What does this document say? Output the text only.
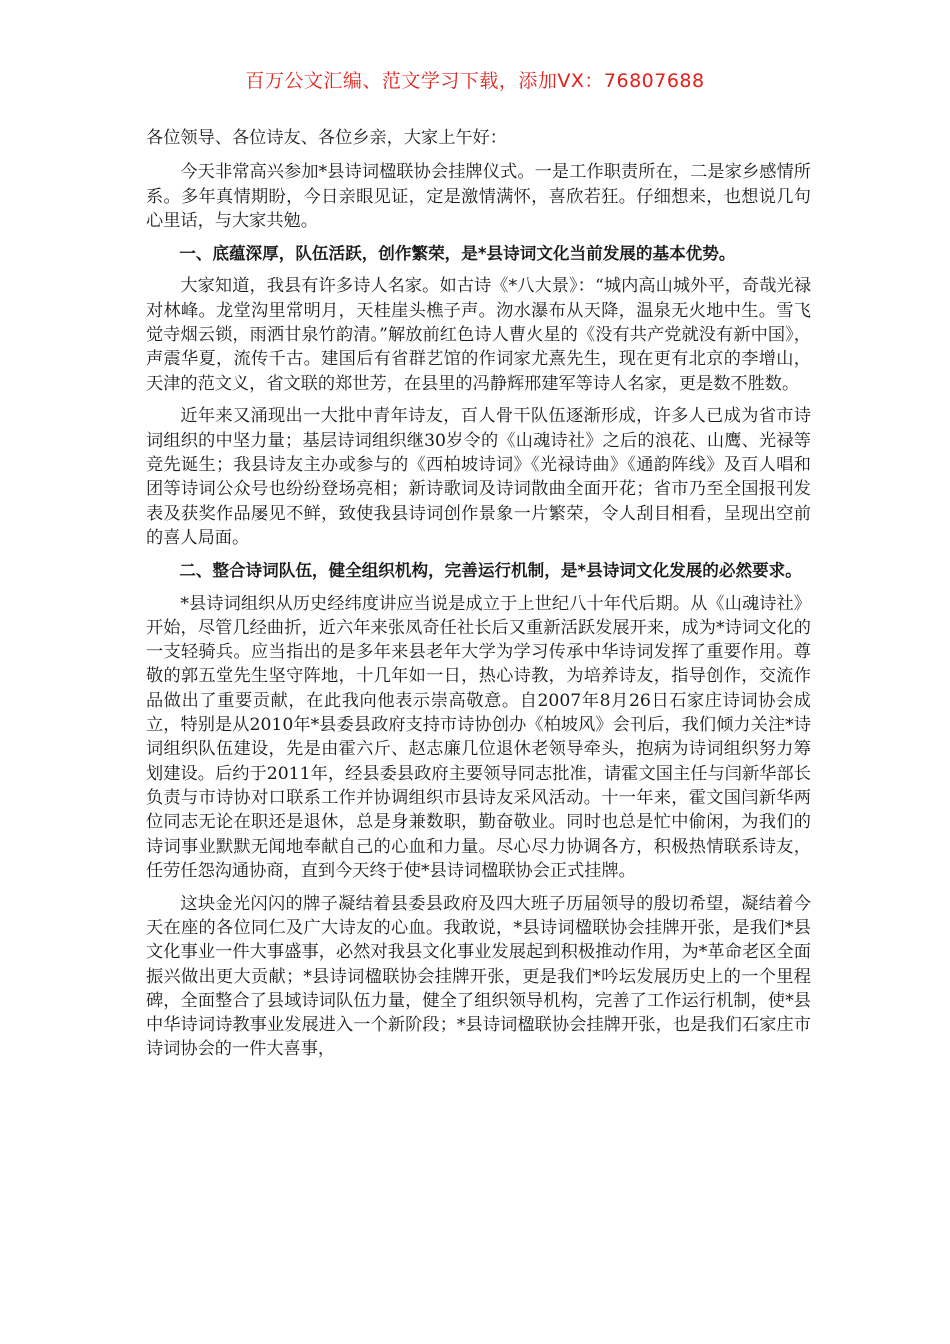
百万公文汇编、范文学习下载，添加VX：76807688

各位领导、各位诗友、各位乡亲，大家上午好：

今天非常高兴参加*县诗词楹联协会挂牌仪式。一是工作职责所在，二是家乡感情所系。多年真情期盼，今日亲眼见证，定是激情满怀，喜欣若狂。仔细想来，也想说几句心里话，与大家共勉。

一、底蕴深厚，队伍活跃，创作繁荣，是*县诗词文化当前发展的基本优势。

大家知道，我县有许多诗人名家。如古诗《*八大景》：“城内高山城外平，奇哉光禄对林峰。龙堂沟里常明月，天桂崖头樵子声。沕水瀑布从天降，温泉无火地中生。雪飞觉寺烟云锁，雨洒甘泉竹韵清。”解放前红色诗人曹火星的《没有共产党就没有新中国》，声震华夏，流传千古。建国后有省群艺馆的作词家尤熹先生，现在更有北京的李增山，天津的范文义，省文联的郑世芳，在县里的冯静辉邢建军等诗人名家，更是数不胜数。

近年来又涌现出一大批中青年诗友，百人骨干队伍逐渐形成，许多人已成为省市诗词组织的中坚力量；基层诗词组织继30岁令的《山魂诗社》之后的浪花、山鹰、光禄等竞先诞生；我县诗友主办或参与的《西柏坡诗词》《光禄诗曲》《通韵阵线》及百人唱和团等诗词公众号也纷纷登场亮相；新诗歌词及诗词散曲全面开花；省市乃至全国报刊发表及获奖作品屡见不鲜，致使我县诗词创作景象一片繁荣，令人刮目相看，呈现出空前的喜人局面。

二、整合诗词队伍，健全组织机构，完善运行机制，是*县诗词文化发展的必然要求。

*县诗词组织从历史经纬度讲应当说是成立于上世纪八十年代后期。从《山魂诗社》开始，尽管几经曲折，近六年来张凤奇任社长后又重新活跃发展开来，成为*诗词文化的一支轻骑兵。应当指出的是多年来县老年大学为学习传承中华诗词发挥了重要作用。尊敬的郭五堂先生坚守阵地，十几年如一日，热心诗教，为培养诗友，指导创作，交流作品做出了重要贡献，在此我向他表示崇高敬意。自2007年8月26日石家庄诗词协会成立，特别是从2010年*县委县政府支持市诗协创办《柏坡风》会刊后，我们倾力关注*诗词组织队伍建设，先是由霍六斤、赵志廉几位退休老领导牵头，抱病为诗词组织努力筹划建设。后约于2011年，经县委县政府主要领导同志批准，请霍文国主任与闫新华部长负责与市诗协对口联系工作并协调组织市县诗友采风活动。十一年来，霍文国闫新华两位同志无论在职还是退休，总是身兼数职，勤奋敬业。同时也总是忙中偷闲，为我们的诗词事业默默无闻地奉献自己的心血和力量。尽心尽力协调各方，积极热情联系诗友，任劳任怨沟通协商，直到今天终于使*县诗词楹联协会正式挂牌。

这块金光闪闪的牌子凝结着县委县政府及四大班子历届领导的殷切希望，凝结着今天在座的各位同仁及广大诗友的心血。我敢说，*县诗词楹联协会挂牌开张，是我们*县文化事业一件大事盛事，必然对我县文化事业发展起到积极推动作用，为*革命老区全面振兴做出更大贡献；*县诗词楹联协会挂牌开张，更是我们*吟坛发展历史上的一个里程碑，全面整合了县域诗词队伍力量，健全了组织领导机构，完善了工作运行机制，使*县中华诗词诗教事业发展进入一个新阶段；*县诗词楹联协会挂牌开张，也是我们石家庄市诗词协会的一件大喜事，
